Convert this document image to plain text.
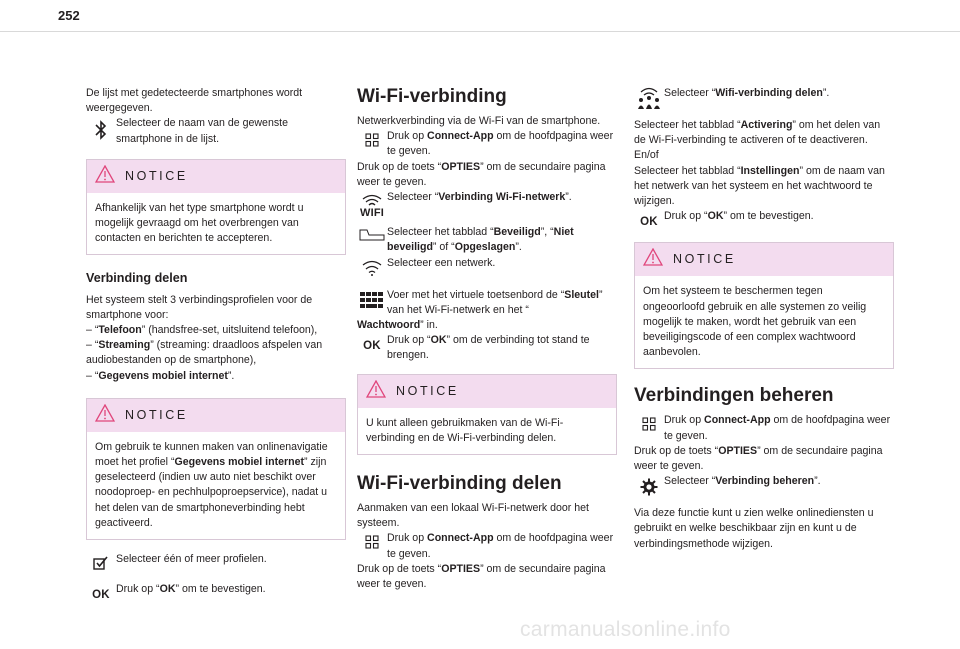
252

De lijst met gedetecteerde smartphones wordt weergegeven.

Selecteer de naam van de gewenste smartphone in de lijst.
NOTICE
Afhankelijk van het type smartphone wordt u mogelijk gevraagd om het overbrengen van contacten en berichten te accepteren.
Verbinding delen

Het systeem stelt 3 verbindingsprofielen voor de smartphone voor:

– “Telefoon” (handsfree-set, uitsluitend telefoon),

– “Streaming” (streaming: draadloos afspelen van audiobestanden op de smartphone),

– “Gegevens mobiel internet”.

NOTICE
Om gebruik te kunnen maken van onlinenavigatie moet het profiel “Gegevens mobiel internet” zijn geselecteerd (indien uw auto niet beschikt over noodoproep- en pechhulpoproepservice), nadat u het delen van de smartphoneverbinding hebt geactiveerd.
Selecteer één of meer profielen.
OK Druk op “OK” om te bevestigen.
Wi-Fi-verbinding

Netwerkverbinding via de Wi-Fi van de smartphone.

Druk op Connect-App om de hoofdpagina weer te geven.

Druk op de toets “OPTIES” om de secundaire pagina weer te geven.

WIFI
Selecteer “Verbinding Wi-Fi-netwerk”.
Selecteer het tabblad “Beveiligd”, “Niet beveiligd” of “Opgeslagen”.
Selecteer een netwerk.
Voer met het virtuele toetsenbord de “Sleutel” van het Wi-Fi-netwerk en het “

Wachtwoord” in.

OK Druk op “OK” om de verbinding tot stand te brengen.
NOTICE
U kunt alleen gebruikmaken van de Wi-Fi-verbinding en de Wi-Fi-verbinding delen.
Wi-Fi-verbinding delen

Aanmaken van een lokaal Wi-Fi-netwerk door het systeem.

Druk op Connect-App om de hoofdpagina weer te geven.

Druk op de toets “OPTIES” om de secundaire pagina weer te geven.

Selecteer “Wifi-verbinding delen”.

Selecteer het tabblad “Activering” om het delen van de Wi-Fi-verbinding te activeren of te deactiveren.

En/of

Selecteer het tabblad “Instellingen” om de naam van het netwerk van het systeem en het wachtwoord te wijzigen.

OK Druk op “OK” om te bevestigen.
NOTICE
Om het systeem te beschermen tegen ongeoorloofd gebruik en alle systemen zo veilig mogelijk te maken, wordt het gebruik van een beveiligingscode of een complex wachtwoord aanbevolen.
Verbindingen beheren
Druk op Connect-App om de hoofdpagina weer te geven.

Druk op de toets “OPTIES” om de secundaire pagina weer te geven.

Selecteer “Verbinding beheren”.

Via deze functie kunt u zien welke onlinediensten u gebruikt en welke beschikbaar zijn en kunt u de verbindingsmethode wijzigen.

carmanualsonline.info
